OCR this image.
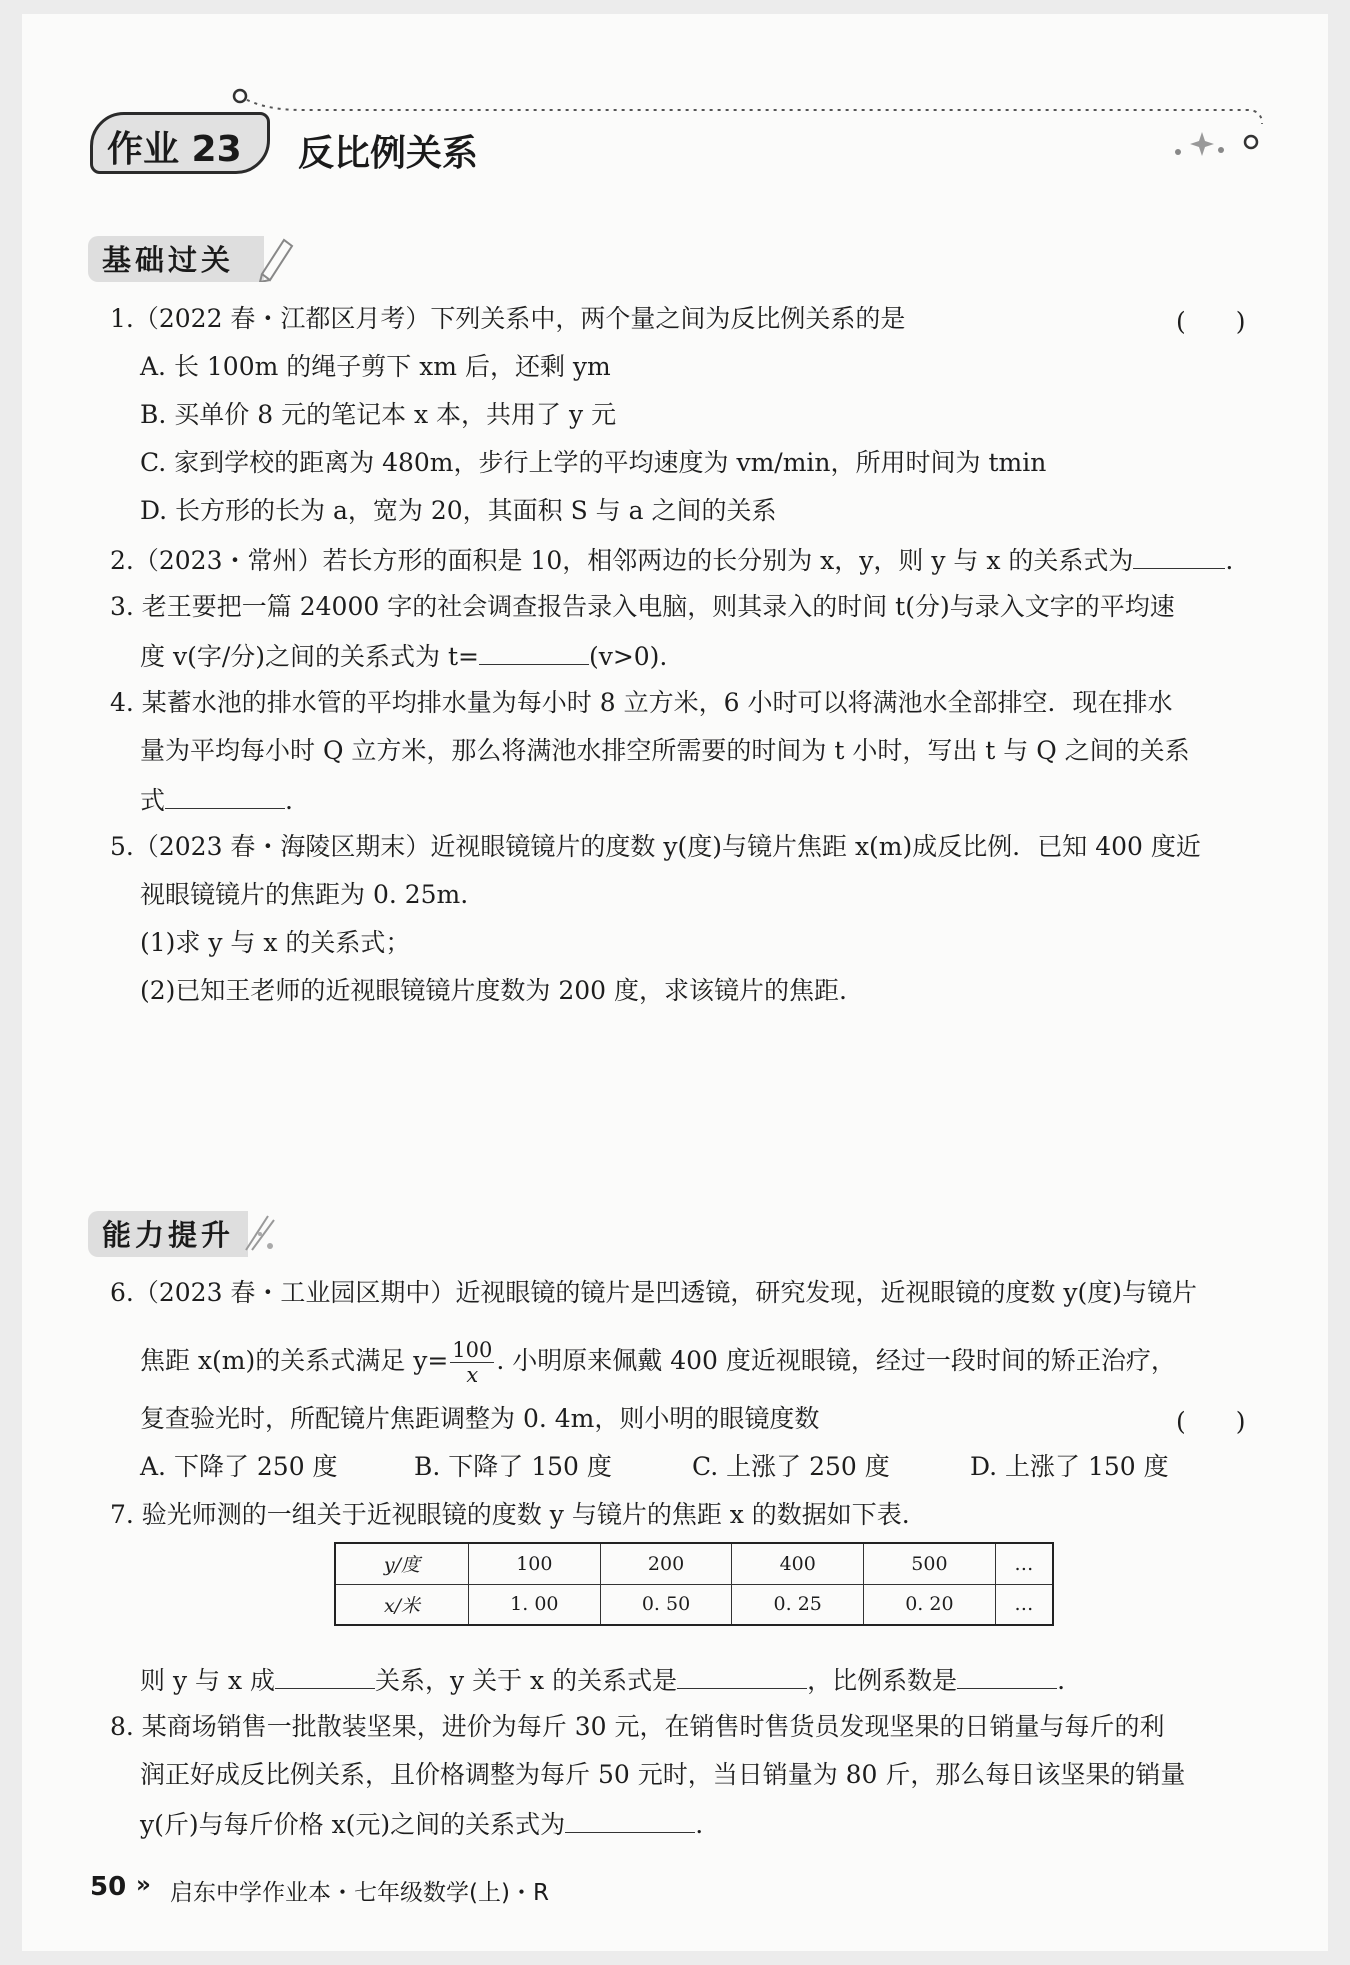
作业 23 反比例关系
基础过关
1.（2022 春・江都区月考）下列关系中，两个量之间为反比例关系的是	(　　)
A. 长 100m 的绳子剪下 xm 后，还剩 ym
B. 买单价 8 元的笔记本 x 本，共用了 y 元
C. 家到学校的距离为 480m，步行上学的平均速度为 vm/min，所用时间为 tmin
D. 长方形的长为 a，宽为 20，其面积 S 与 a 之间的关系
2.（2023・常州）若长方形的面积是 10，相邻两边的长分别为 x，y，则 y 与 x 的关系式为	.
3. 老王要把一篇 24000 字的社会调查报告录入电脑，则其录入的时间 t(分)与录入文字的平均速
度 v(字/分)之间的关系式为 t=	(v>0).
4. 某蓄水池的排水管的平均排水量为每小时 8 立方米，6 小时可以将满池水全部排空．现在排水
量为平均每小时 Q 立方米，那么将满池水排空所需要的时间为 t 小时，写出 t 与 Q 之间的关系
式	.
5.（2023 春・海陵区期末）近视眼镜镜片的度数 y(度)与镜片焦距 x(m)成反比例．已知 400 度近
视眼镜镜片的焦距为 0. 25m.
(1)求 y 与 x 的关系式；
(2)已知王老师的近视眼镜镜片度数为 200 度，求该镜片的焦距.
能力提升
6.（2023 春・工业园区期中）近视眼镜的镜片是凹透镜，研究发现，近视眼镜的度数 y(度)与镜片
焦距 x(m)的关系式满足 $y= \frac{100}{x}$ . 小明原来佩戴 400 度近视眼镜，经过一段时间的矫正治疗，
复查验光时，所配镜片焦距调整为 0. 4m，则小明的眼镜度数	(　　)
A. 下降了 250 度	B. 下降了 150 度	C. 上涨了 250 度	D. 上涨了 150 度
7. 验光师测的一组关于近视眼镜的度数 y 与镜片的焦距 x 的数据如下表.
y/度	100	200	400	500	…
x/米	1. 00	0. 50	0. 25	0. 20	…
则 y 与 x 成	关系，y 关于 x 的关系式是	，比例系数是	.
8. 某商场销售一批散装坚果，进价为每斤 30 元，在销售时售货员发现坚果的日销量与每斤的利
润正好成反比例关系，且价格调整为每斤 50 元时，当日销量为 80 斤，那么每日该坚果的销量
y(斤)与每斤价格 x(元)之间的关系式为	.
50 » 启东中学作业本・七年级数学(上)・R
